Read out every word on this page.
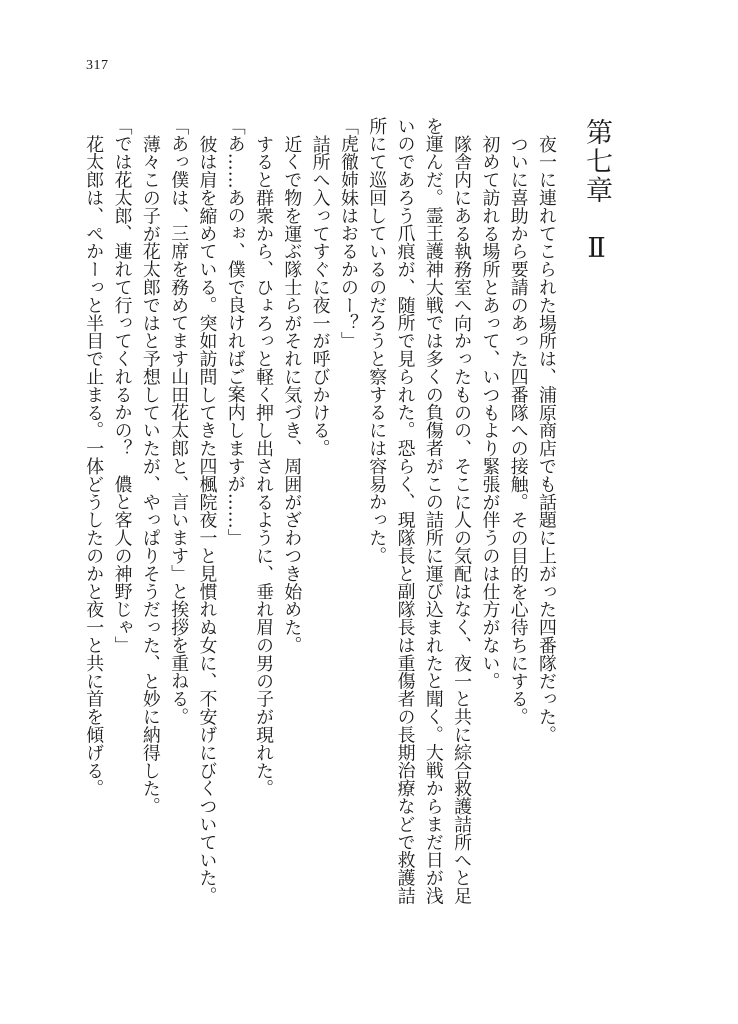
317
第七章Ⅱ

夜一に連れてこられた場所は、浦原商店でも話題に上がった四番隊だった。

ついに喜助から要請のあった四番隊への接触。その目的を心待ちにする。

初めて訪れる場所とあって、いつもより緊張が伴うのは仕方がない。

隊舎内にある執務室へ向かったものの、そこに人の気配はなく、夜一と共に綜合救護詰所へと足

を運んだ。霊王護神大戦では多くの負傷者がこの詰所に運び込まれたと聞く。大戦からまだ日が浅

いのであろう爪痕が、随所で見られた。恐らく、現隊長と副隊長は重傷者の長期治療などで救護詰

所にて巡回しているのだろうと察するには容易かった。

「虎徹姉妹はおるかのー？」

詰所へ入ってすぐに夜一が呼びかける。

近くで物を運ぶ隊士らがそれに気づき、周囲がざわつき始めた。

すると群衆から、ひょろっと軽く押し出されるように、垂れ眉の男の子が現れた。

「あ……あのぉ、僕で良ければご案内しますが……」

彼は肩を縮めている。突如訪問してきた四楓院夜一と見慣れぬ女に、不安げにびくついていた。

「あっ僕は、三席を務めてます山田花太郎と、言います」と挨拶を重ねる。

薄々この子が花太郎ではと予想していたが、やっぱりそうだった、と妙に納得した。

「では花太郎、連れて行ってくれるかの？　儂と客人の神野じゃ」

花太郎は、ぺかーっと半目で止まる。一体どうしたのかと夜一と共に首を傾げる。
